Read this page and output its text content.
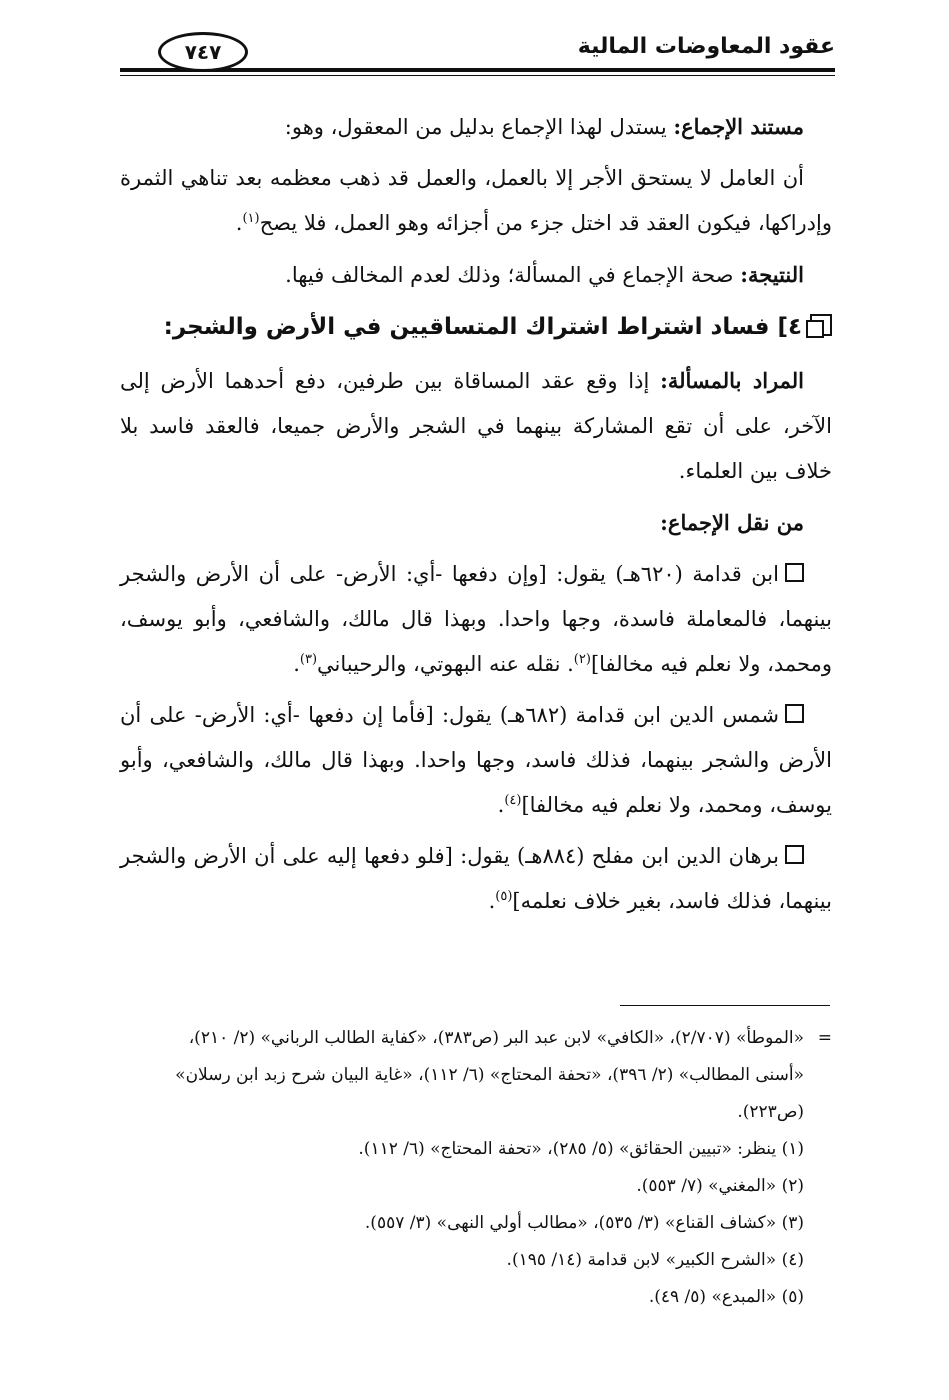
عقود المعاوضات المالية
٧٤٧

مستند الإجماع: يستدل لهذا الإجماع بدليل من المعقول، وهو:

أن العامل لا يستحق الأجر إلا بالعمل، والعمل قد ذهب معظمه بعد تناهي الثمرة وإدراكها، فيكون العقد قد اختل جزء من أجزائه وهو العمل، فلا يصح$^{(١)}$.

النتيجة: صحة الإجماع في المسألة؛ وذلك لعدم المخالف فيها.

٤] فساد اشتراط اشتراك المتساقيين في الأرض والشجر:

المراد بالمسألة: إذا وقع عقد المساقاة بين طرفين، دفع أحدهما الأرض إلى الآخر، على أن تقع المشاركة بينهما في الشجر والأرض جميعا، فالعقد فاسد بلا خلاف بين العلماء.

من نقل الإجماع:

ابن قدامة (٦٢٠هـ) يقول: [وإن دفعها -أي: الأرض- على أن الأرض والشجر بينهما، فالمعاملة فاسدة، وجها واحدا. وبهذا قال مالك، والشافعي، وأبو يوسف، ومحمد، ولا نعلم فيه مخالفا]$^{(٢)}$. نقله عنه البهوتي، والرحيباني$^{(٣)}$.

شمس الدين ابن قدامة (٦٨٢هـ) يقول: [فأما إن دفعها -أي: الأرض- على أن الأرض والشجر بينهما، فذلك فاسد، وجها واحدا. وبهذا قال مالك، والشافعي، وأبو يوسف، ومحمد، ولا نعلم فيه مخالفا]$^{(٤)}$.

برهان الدين ابن مفلح (٨٨٤هـ) يقول: [فلو دفعها إليه على أن الأرض والشجر بينهما، فذلك فاسد، بغير خلاف نعلمه]$^{(٥)}$.

=«الموطأ» (٢/٧٠٧)، «الكافي» لابن عبد البر (ص٣٨٣)، «كفاية الطالب الرباني» (٢/ ٢١٠)،

«أسنى المطالب» (٢/ ٣٩٦)، «تحفة المحتاج» (٦/ ١١٢)، «غاية البيان شرح زبد ابن رسلان»

(ص٢٢٣).

(١) ينظر: «تبيين الحقائق» (٥/ ٢٨٥)، «تحفة المحتاج» (٦/ ١١٢).

(٢) «المغني» (٧/ ٥٥٣).

(٣) «كشاف القناع» (٣/ ٥٣٥)، «مطالب أولي النهى» (٣/ ٥٥٧).

(٤) «الشرح الكبير» لابن قدامة (١٤/ ١٩٥).

(٥) «المبدع» (٥/ ٤٩).
